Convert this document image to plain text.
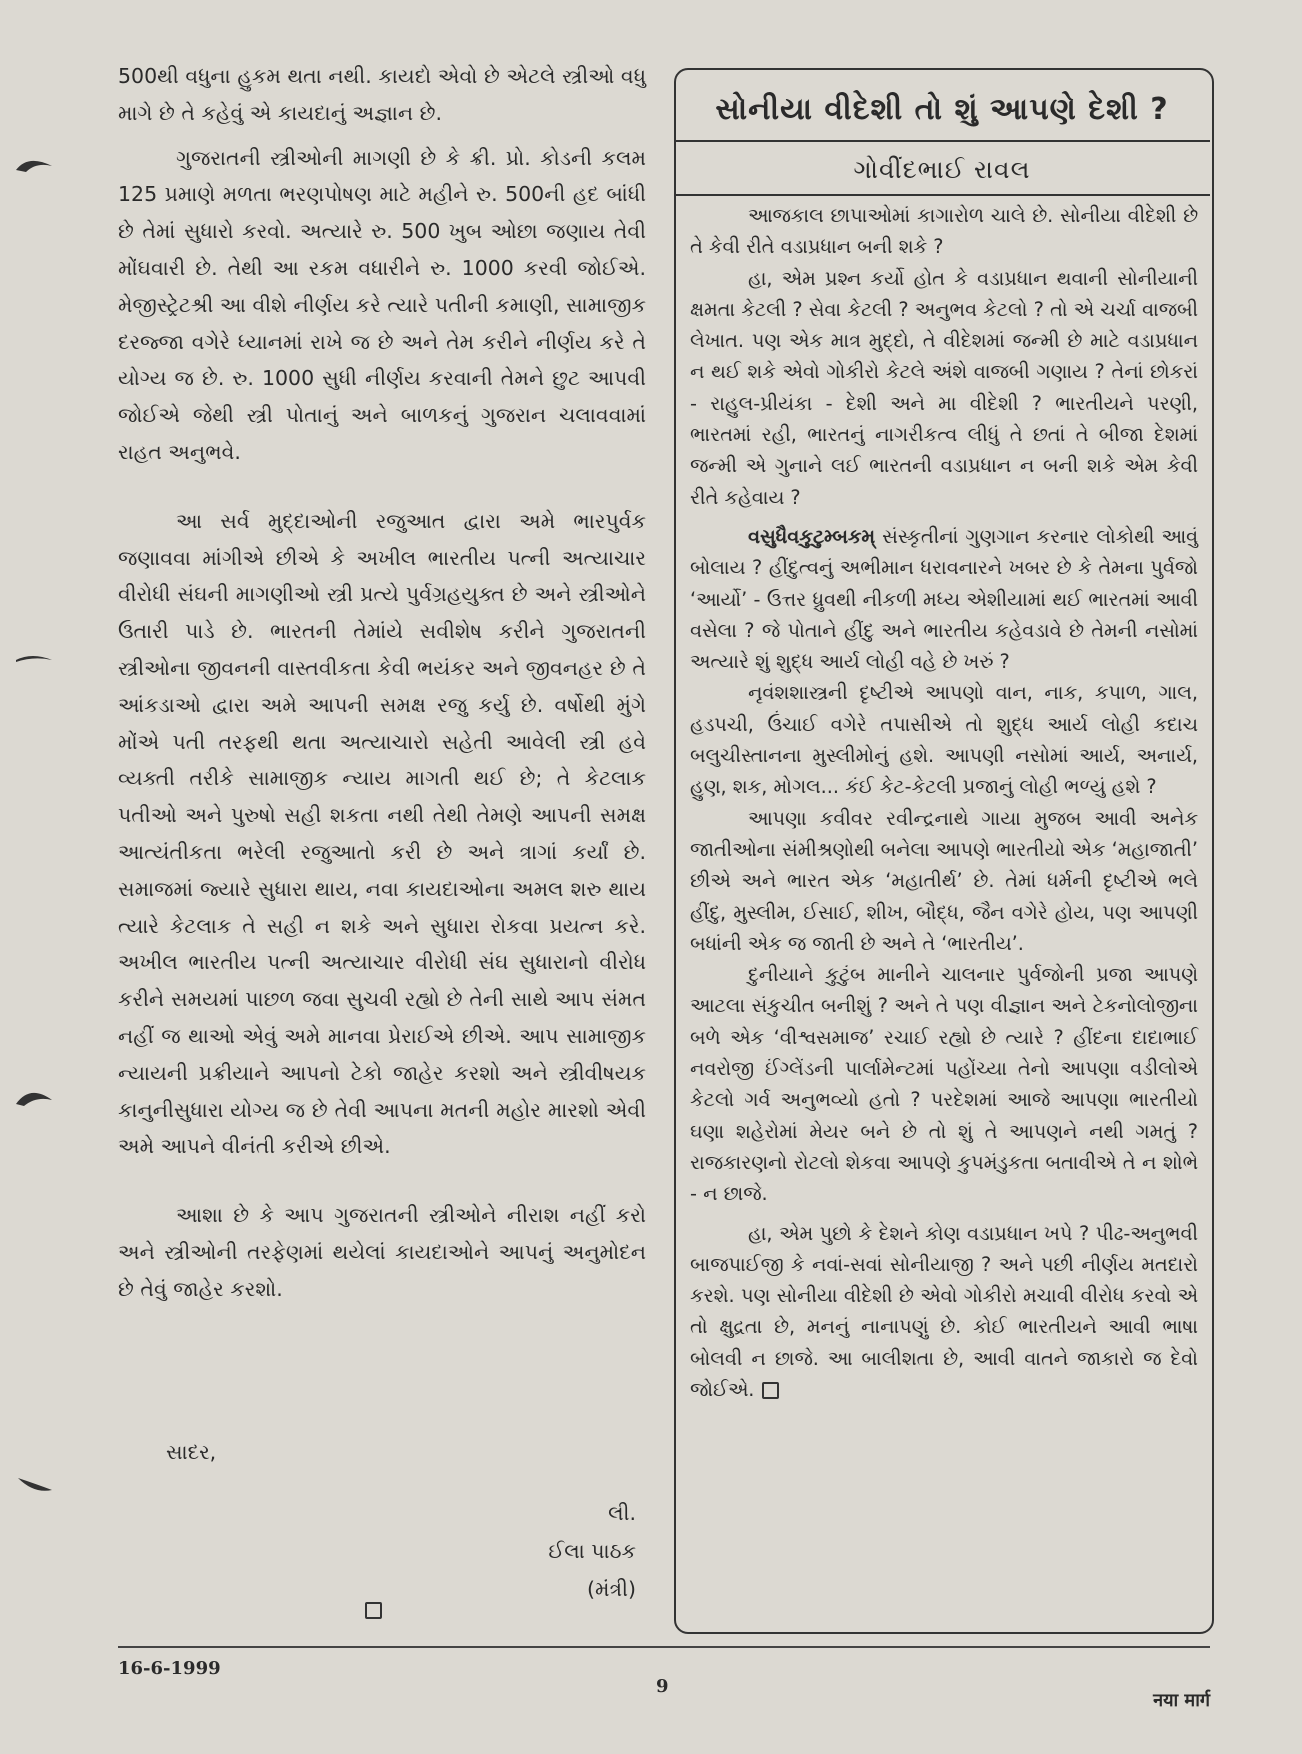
500થી વધુના હુકમ થતા નથી. કાયદો એવો છે એટલે સ્ત્રીઓ વધુ માગે છે તે કહેવું એ કાયદાનું અજ્ઞાન છે.

ગુજરાતની સ્ત્રીઓની માગણી છે કે ક્રી. પ્રો. કોડની કલમ 125 પ્રમાણે મળતા ભરણપોષણ માટે મહીને રુ. 500ની હદ બાંધી છે તેમાં સુધારો કરવો. અત્યારે રુ. 500 ખુબ ઓછા જણાય તેવી મોંઘવારી છે. તેથી આ રકમ વધારીને રુ. 1000 કરવી જોઈએ. મેજીસ્ટ્રેટશ્રી આ વીશે નીર્ણય કરે ત્યારે પતીની કમાણી, સામાજીક દરજ્જા વગેરે ધ્યાનમાં રાખે જ છે અને તેમ કરીને નીર્ણય કરે તે યોગ્ય જ છે. રુ. 1000 સુધી નીર્ણય કરવાની તેમને છુટ આપવી જોઈએ જેથી સ્ત્રી પોતાનું અને બાળકનું ગુજરાન ચલાવવામાં રાહત અનુભવે.

આ સર્વ મુદ્દાઓની રજુઆત દ્વારા અમે ભારપુર્વક જણાવવા માંગીએ છીએ કે અખીલ ભારતીય પત્ની અત્યાચાર વીરોધી સંઘની માગણીઓ સ્ત્રી પ્રત્યે પુર્વગ્રહયુક્ત છે અને સ્ત્રીઓને ઉતારી પાડે છે. ભારતની તેમાંયે સવીશેષ કરીને ગુજરાતની સ્ત્રીઓના જીવનની વાસ્તવીકતા કેવી ભયંકર અને જીવનહર છે તે આંકડાઓ દ્વારા અમે આપની સમક્ષ રજુ કર્યુ છે. વર્ષોથી મુંગે મોંએ પતી તરફથી થતા અત્યાચારો સહેતી આવેલી સ્ત્રી હવે વ્યક્તી તરીકે સામાજીક ન્યાય માગતી થઈ છે; તે કેટલાક પતીઓ અને પુરુષો સહી શકતા નથી તેથી તેમણે આપની સમક્ષ આત્યંતીકતા ભરેલી રજુઆતો કરી છે અને ત્રાગાં કર્યાં છે. સમાજમાં જ્યારે સુધારા થાય, નવા કાયદાઓના અમલ શરુ થાય ત્યારે કેટલાક તે સહી ન શકે અને સુધારા રોકવા પ્રયત્ન કરે. અખીલ ભારતીય પત્ની અત્યાચાર વીરોધી સંઘ સુધારાનો વીરોધ કરીને સમયમાં પાછળ જવા સુચવી રહ્યો છે તેની સાથે આપ સંમત નહીં જ થાઓ એવું અમે માનવા પ્રેરાઈએ છીએ. આપ સામાજીક ન્યાયની પ્રક્રીયાને આપનો ટેકો જાહેર કરશો અને સ્ત્રીવીષયક કાનુનીસુધારા યોગ્ય જ છે તેવી આપના મતની મહોર મારશો એવી અમે આપને વીનંતી કરીએ છીએ.

આશા છે કે આપ ગુજરાતની સ્ત્રીઓને નીરાશ નહીં કરો અને સ્ત્રીઓની તરફેણમાં થયેલાં કાયદાઓને આપનું અનુમોદન છે તેવું જાહેર કરશો.

સાદર,
લી.
ઈલા પાઠક
(મંત્રી)
સોનીયા વીદેશી તો શું આપણે દેશી ?
ગોવીંદભાઈ રાવલ

આજકાલ છાપાઓમાં કાગારોળ ચાલે છે. સોનીયા વીદેશી છે તે કેવી રીતે વડાપ્રધાન બની શકે ?

હા, એમ પ્રશ્ન કર્યો હોત કે વડાપ્રધાન થવાની સોનીયાની ક્ષમતા કેટલી ? સેવા કેટલી ? અનુભવ કેટલો ? તો એ ચર્ચા વાજબી લેખાત. પણ એક માત્ર મુદ્દો, તે વીદેશમાં જન્મી છે માટે વડાપ્રધાન ન થઈ શકે એવો ગોકીરો કેટલે અંશે વાજબી ગણાય ? તેનાં છોકરાં - રાહુલ-પ્રીયંકા - દેશી અને મા વીદેશી ? ભારતીયને પરણી, ભારતમાં રહી, ભારતનું નાગરીકત્વ લીધું તે છતાં તે બીજા દેશમાં જન્મી એ ગુનાને લઈ ભારતની વડાપ્રધાન ન બની શકે એમ કેવી રીતે કહેવાય ?

વસુધૈવકુટુમ્બકમ્ સંસ્કૃતીનાં ગુણગાન કરનાર લોકોથી આવું બોલાય ? હીંદુત્વનું અભીમાન ધરાવનારને ખબર છે કે તેમના પુર્વજો ‘આર્યો’ - ઉત્તર ધ્રુવથી નીકળી મધ્ય એશીયામાં થઈ ભારતમાં આવી વસેલા ? જે પોતાને હીંદુ અને ભારતીય કહેવડાવે છે તેમની નસોમાં અત્યારે શું શુદ્ધ આર્ય લોહી વહે છે ખરું ?

નૃવંશશાસ્ત્રની દૃષ્ટીએ આપણો વાન, નાક, કપાળ, ગાલ, હડપચી, ઉંચાઈ વગેરે તપાસીએ તો શુદ્ધ આર્ય લોહી કદાચ બલુચીસ્તાનના મુસ્લીમોનું હશે. આપણી નસોમાં આર્ય, અનાર્ય, હુણ, શક, મોગલ... કંઈ કેટ-કેટલી પ્રજાનું લોહી ભળ્યું હશે ?

આપણા કવીવર રવીન્દ્રનાથે ગાયા મુજબ આવી અનેક જાતીઓના સંમીશ્રણોથી બનેલા આપણે ભારતીયો એક ‘મહાજાતી’ છીએ અને ભારત એક ‘મહાતીર્થ’ છે. તેમાં ધર્મની દૃષ્ટીએ ભલે હીંદુ, મુસ્લીમ, ઈસાઈ, શીખ, બૌદ્ધ, જૈન વગેરે હોય, પણ આપણી બધાંની એક જ જાતી છે અને તે ‘ભારતીય’.

દુનીયાને કુટુંબ માનીને ચાલનાર પુર્વજોની પ્રજા આપણે આટલા સંકુચીત બનીશું ? અને તે પણ વીજ્ઞાન અને ટેકનોલોજીના બળે એક ‘વીશ્વસમાજ’ રચાઈ રહ્યો છે ત્યારે ? હીંદના દાદાભાઈ નવરોજી ઈંગ્લેંડની પાર્લામેન્ટમાં પહોંચ્યા તેનો આપણા વડીલોએ કેટલો ગર્વ અનુભવ્યો હતો ? પરદેશમાં આજે આપણા ભારતીયો ઘણા શહેરોમાં મેયર બને છે તો શું તે આપણને નથી ગમતું ? રાજકારણનો રોટલો શેકવા આપણે કુપમંડુકતા બતાવીએ તે ન શોભે - ન છાજે.

હા, એમ પુછો કે દેશને કોણ વડાપ્રધાન ખપે ? પીઢ-અનુભવી બાજપાઈજી કે નવાં-સવાં સોનીયાજી ? અને પછી નીર્ણય મતદારો કરશે. પણ સોનીયા વીદેશી છે એવો ગોકીરો મચાવી વીરોધ કરવો એ તો ક્ષુદ્રતા છે, મનનું નાનાપણું છે. કોઈ ભારતીયને આવી ભાષા બોલવી ન છાજે. આ બાલીશતા છે, આવી વાતને જાકારો જ દેવો જોઈએ.

16-6-1999
9
नया मार्ग
